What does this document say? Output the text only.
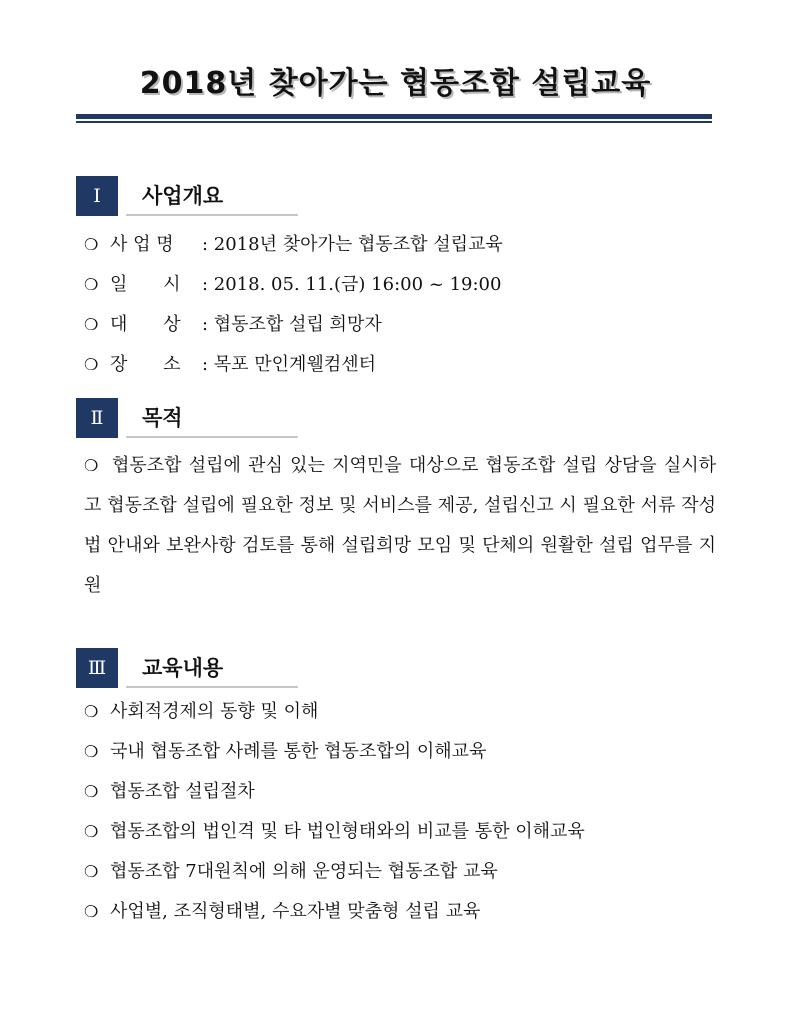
2018년 찾아가는 협동조합 설립교육
Ⅰ	사업개요
❍ 사 업 명 : 2018년 찾아가는 협동조합 설립교육
❍ 일 시 : 2018. 05. 11.(금) 16:00 ~ 19:00
❍ 대 상 : 협동조합 설립 희망자
❍ 장 소 : 목포 만인계웰컴센터
Ⅱ	목적
❍ 협동조합 설립에 관심 있는 지역민을 대상으로 협동조합 설립 상담을 실시하고 협동조합 설립에 필요한 정보 및 서비스를 제공, 설립신고 시 필요한 서류 작성법 안내와 보완사항 검토를 통해 설립희망 모임 및 단체의 원활한 설립 업무를 지원
Ⅲ	교육내용
❍ 사회적경제의 동향 및 이해
❍ 국내 협동조합 사례를 통한 협동조합의 이해교육
❍ 협동조합 설립절차
❍ 협동조합의 법인격 및 타 법인형태와의 비교를 통한 이해교육
❍ 협동조합 7대원칙에 의해 운영되는 협동조합 교육
❍ 사업별, 조직형태별, 수요자별 맞춤형 설립 교육
